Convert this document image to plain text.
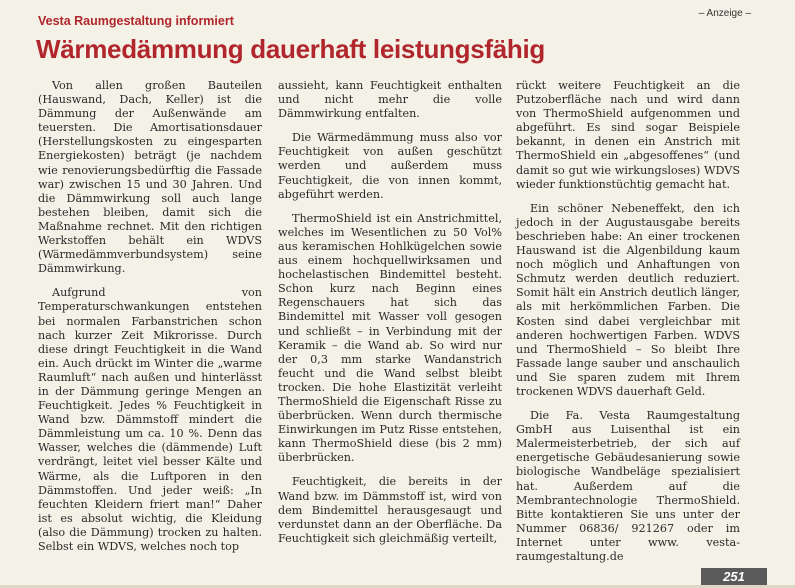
Vesta Raumgestaltung informiert
– Anzeige –
Wärmedämmung dauerhaft leistungsfähig

Von allen großen Bauteilen (Hauswand, Dach, Keller) ist die Dämmung der Außenwände am teuersten. Die Amortisationsdauer (Herstellungskosten zu eingesparten Energiekosten) beträgt (je nachdem wie renovierungsbedürftig die Fassade war) zwischen 15 und 30 Jahren. Und die Dämmwirkung soll auch lange bestehen bleiben, damit sich die Maßnahme rechnet. Mit den richtigen Werkstoffen behält ein WDVS (Wärmedämmverbundsystem) seine Dämmwirkung.

Aufgrund von Temperaturschwankungen entstehen bei normalen Farbanstrichen schon nach kurzer Zeit Mikrorisse. Durch diese dringt Feuchtigkeit in die Wand ein. Auch drückt im Winter die „warme Raumluft“ nach außen und hinterlässt in der Dämmung geringe Mengen an Feuchtigkeit. Jedes % Feuchtigkeit in Wand bzw. Dämmstoff mindert die Dämmleistung um ca. 10 %. Denn das Wasser, welches die (dämmende) Luft verdrängt, leitet viel besser Kälte und Wärme, als die Luftporen in den Dämmstoffen. Und jeder weiß: „In feuchten Kleidern friert man!“ Daher ist es absolut wichtig, die Kleidung (also die Dämmung) trocken zu halten. Selbst ein WDVS, welches noch top

aussieht, kann Feuchtigkeit enthalten und nicht mehr die volle Dämmwirkung entfalten.

Die Wärmedämmung muss also vor Feuchtigkeit von außen geschützt werden und außerdem muss Feuchtigkeit, die von innen kommt, abgeführt werden.

ThermoShield ist ein Anstrichmittel, welches im Wesentlichen zu 50 Vol% aus keramischen Hohlkügelchen sowie aus einem hochquellwirksamen und hochelastischen Bindemittel besteht. Schon kurz nach Beginn eines Regenschauers hat sich das Bindemittel mit Wasser voll gesogen und schließt – in Verbindung mit der Keramik – die Wand ab. So wird nur der 0,3 mm starke Wandanstrich feucht und die Wand selbst bleibt trocken. Die hohe Elastizität verleiht ThermoShield die Eigenschaft Risse zu überbrücken. Wenn durch thermische Einwirkungen im Putz Risse entstehen, kann ThermoShield diese (bis 2 mm) überbrücken.

Feuchtigkeit, die bereits in der Wand bzw. im Dämmstoff ist, wird von dem Bindemittel herausgesaugt und verdunstet dann an der Oberfläche. Da Feuchtigkeit sich gleichmäßig verteilt,

rückt weitere Feuchtigkeit an die Putzoberfläche nach und wird dann von ThermoShield aufgenommen und abgeführt. Es sind sogar Beispiele bekannt, in denen ein Anstrich mit ThermoShield ein „abgesoffenes“ (und damit so gut wie wirkungsloses) WDVS wieder funktionstüchtig gemacht hat.

Ein schöner Nebeneffekt, den ich jedoch in der Augustausgabe bereits beschrieben habe: An einer trockenen Hauswand ist die Algenbildung kaum noch möglich und Anhaftungen von Schmutz werden deutlich reduziert. Somit hält ein Anstrich deutlich länger, als mit herkömmlichen Farben. Die Kosten sind dabei vergleichbar mit anderen hochwertigen Farben. WDVS und ThermoShield – So bleibt Ihre Fassade lange sauber und anschaulich und Sie sparen zudem mit Ihrem trockenen WDVS dauerhaft Geld.

Die Fa. Vesta Raumgestaltung GmbH aus Luisenthal ist ein Malermeisterbetrieb, der sich auf energetische Gebäudesanierung sowie biologische Wandbeläge spezialisiert hat. Außerdem auf die Membrantechnologie ThermoShield. Bitte kontaktieren Sie uns unter der Nummer 06836/ 921267 oder im Internet unter www. vesta-raumgestaltung.de

251
